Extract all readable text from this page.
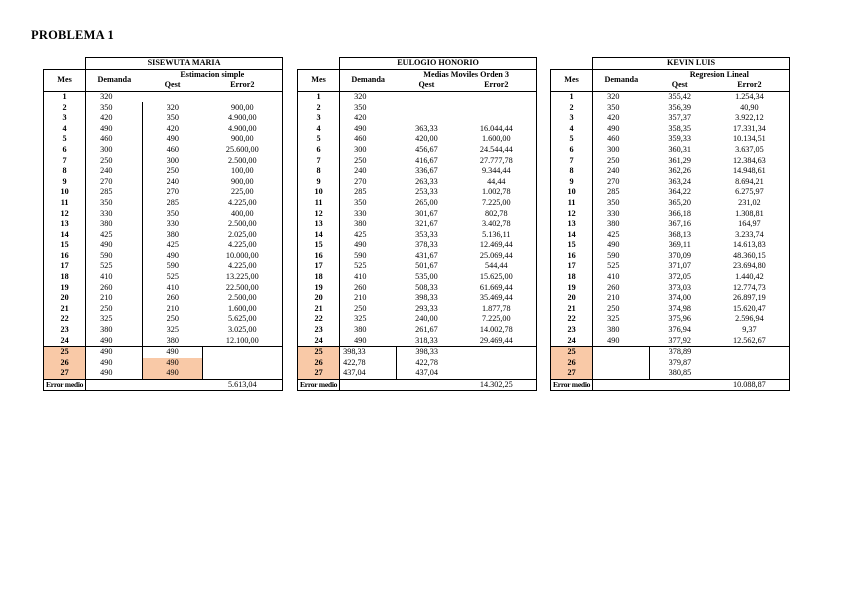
PROBLEMA 1
	SISEWUTA MARIA		
Mes	Demanda	Estimacion simple	
		Qest	Error2
1	320		
2	350	320	900,00
3	420	350	4.900,00
4	490	420	4.900,00
5	460	490	900,00
6	300	460	25.600,00
7	250	300	2.500,00
8	240	250	100,00
9	270	240	900,00
10	285	270	225,00
11	350	285	4.225,00
12	330	350	400,00
13	380	330	2.500,00
14	425	380	2.025,00
15	490	425	4.225,00
16	590	490	10.000,00
17	525	590	4.225,00
18	410	525	13.225,00
19	260	410	22.500,00
20	210	260	2.500,00
21	250	210	1.600,00
22	325	250	5.625,00
23	380	325	3.025,00
24	490	380	12.100,00
25	490	490	
26	490	490	
27	490	490	
Error medio			5.613,04
	EULOGIO HONORIO		
Mes	Demanda	Medias Moviles Orden 3	
		Qest	Error2
1	320		
2	350		
3	420		
4	490	363,33	16.044,44
5	460	420,00	1.600,00
6	300	456,67	24.544,44
7	250	416,67	27.777,78
8	240	336,67	9.344,44
9	270	263,33	44,44
10	285	253,33	1.002,78
11	350	265,00	7.225,00
12	330	301,67	802,78
13	380	321,67	3.402,78
14	425	353,33	5.136,11
15	490	378,33	12.469,44
16	590	431,67	25.069,44
17	525	501,67	544,44
18	410	535,00	15.625,00
19	260	508,33	61.669,44
20	210	398,33	35.469,44
21	250	293,33	1.877,78
22	325	240,00	7.225,00
23	380	261,67	14.002,78
24	490	318,33	29.469,44
25	398,33	398,33	
26	422,78	422,78	
27	437,04	437,04	
Error medio			14.302,25
	KEVIN LUIS		
Mes	Demanda	Regresion Lineal	
		Qest	Error2
1	320	355,42	1.254,34
2	350	356,39	40,90
3	420	357,37	3.922,12
4	490	358,35	17.331,34
5	460	359,33	10.134,51
6	300	360,31	3.637,05
7	250	361,29	12.384,63
8	240	362,26	14.948,61
9	270	363,24	8.694,21
10	285	364,22	6.275,97
11	350	365,20	231,02
12	330	366,18	1.308,81
13	380	367,16	164,97
14	425	368,13	3.233,74
15	490	369,11	14.613,83
16	590	370,09	48.360,15
17	525	371,07	23.694,80
18	410	372,05	1.440,42
19	260	373,03	12.774,73
20	210	374,00	26.897,19
21	250	374,98	15.620,47
22	325	375,96	2.596,94
23	380	376,94	9,37
24	490	377,92	12.562,67
25		378,89	
26		379,87	
27		380,85	
Error medio			10.088,87
